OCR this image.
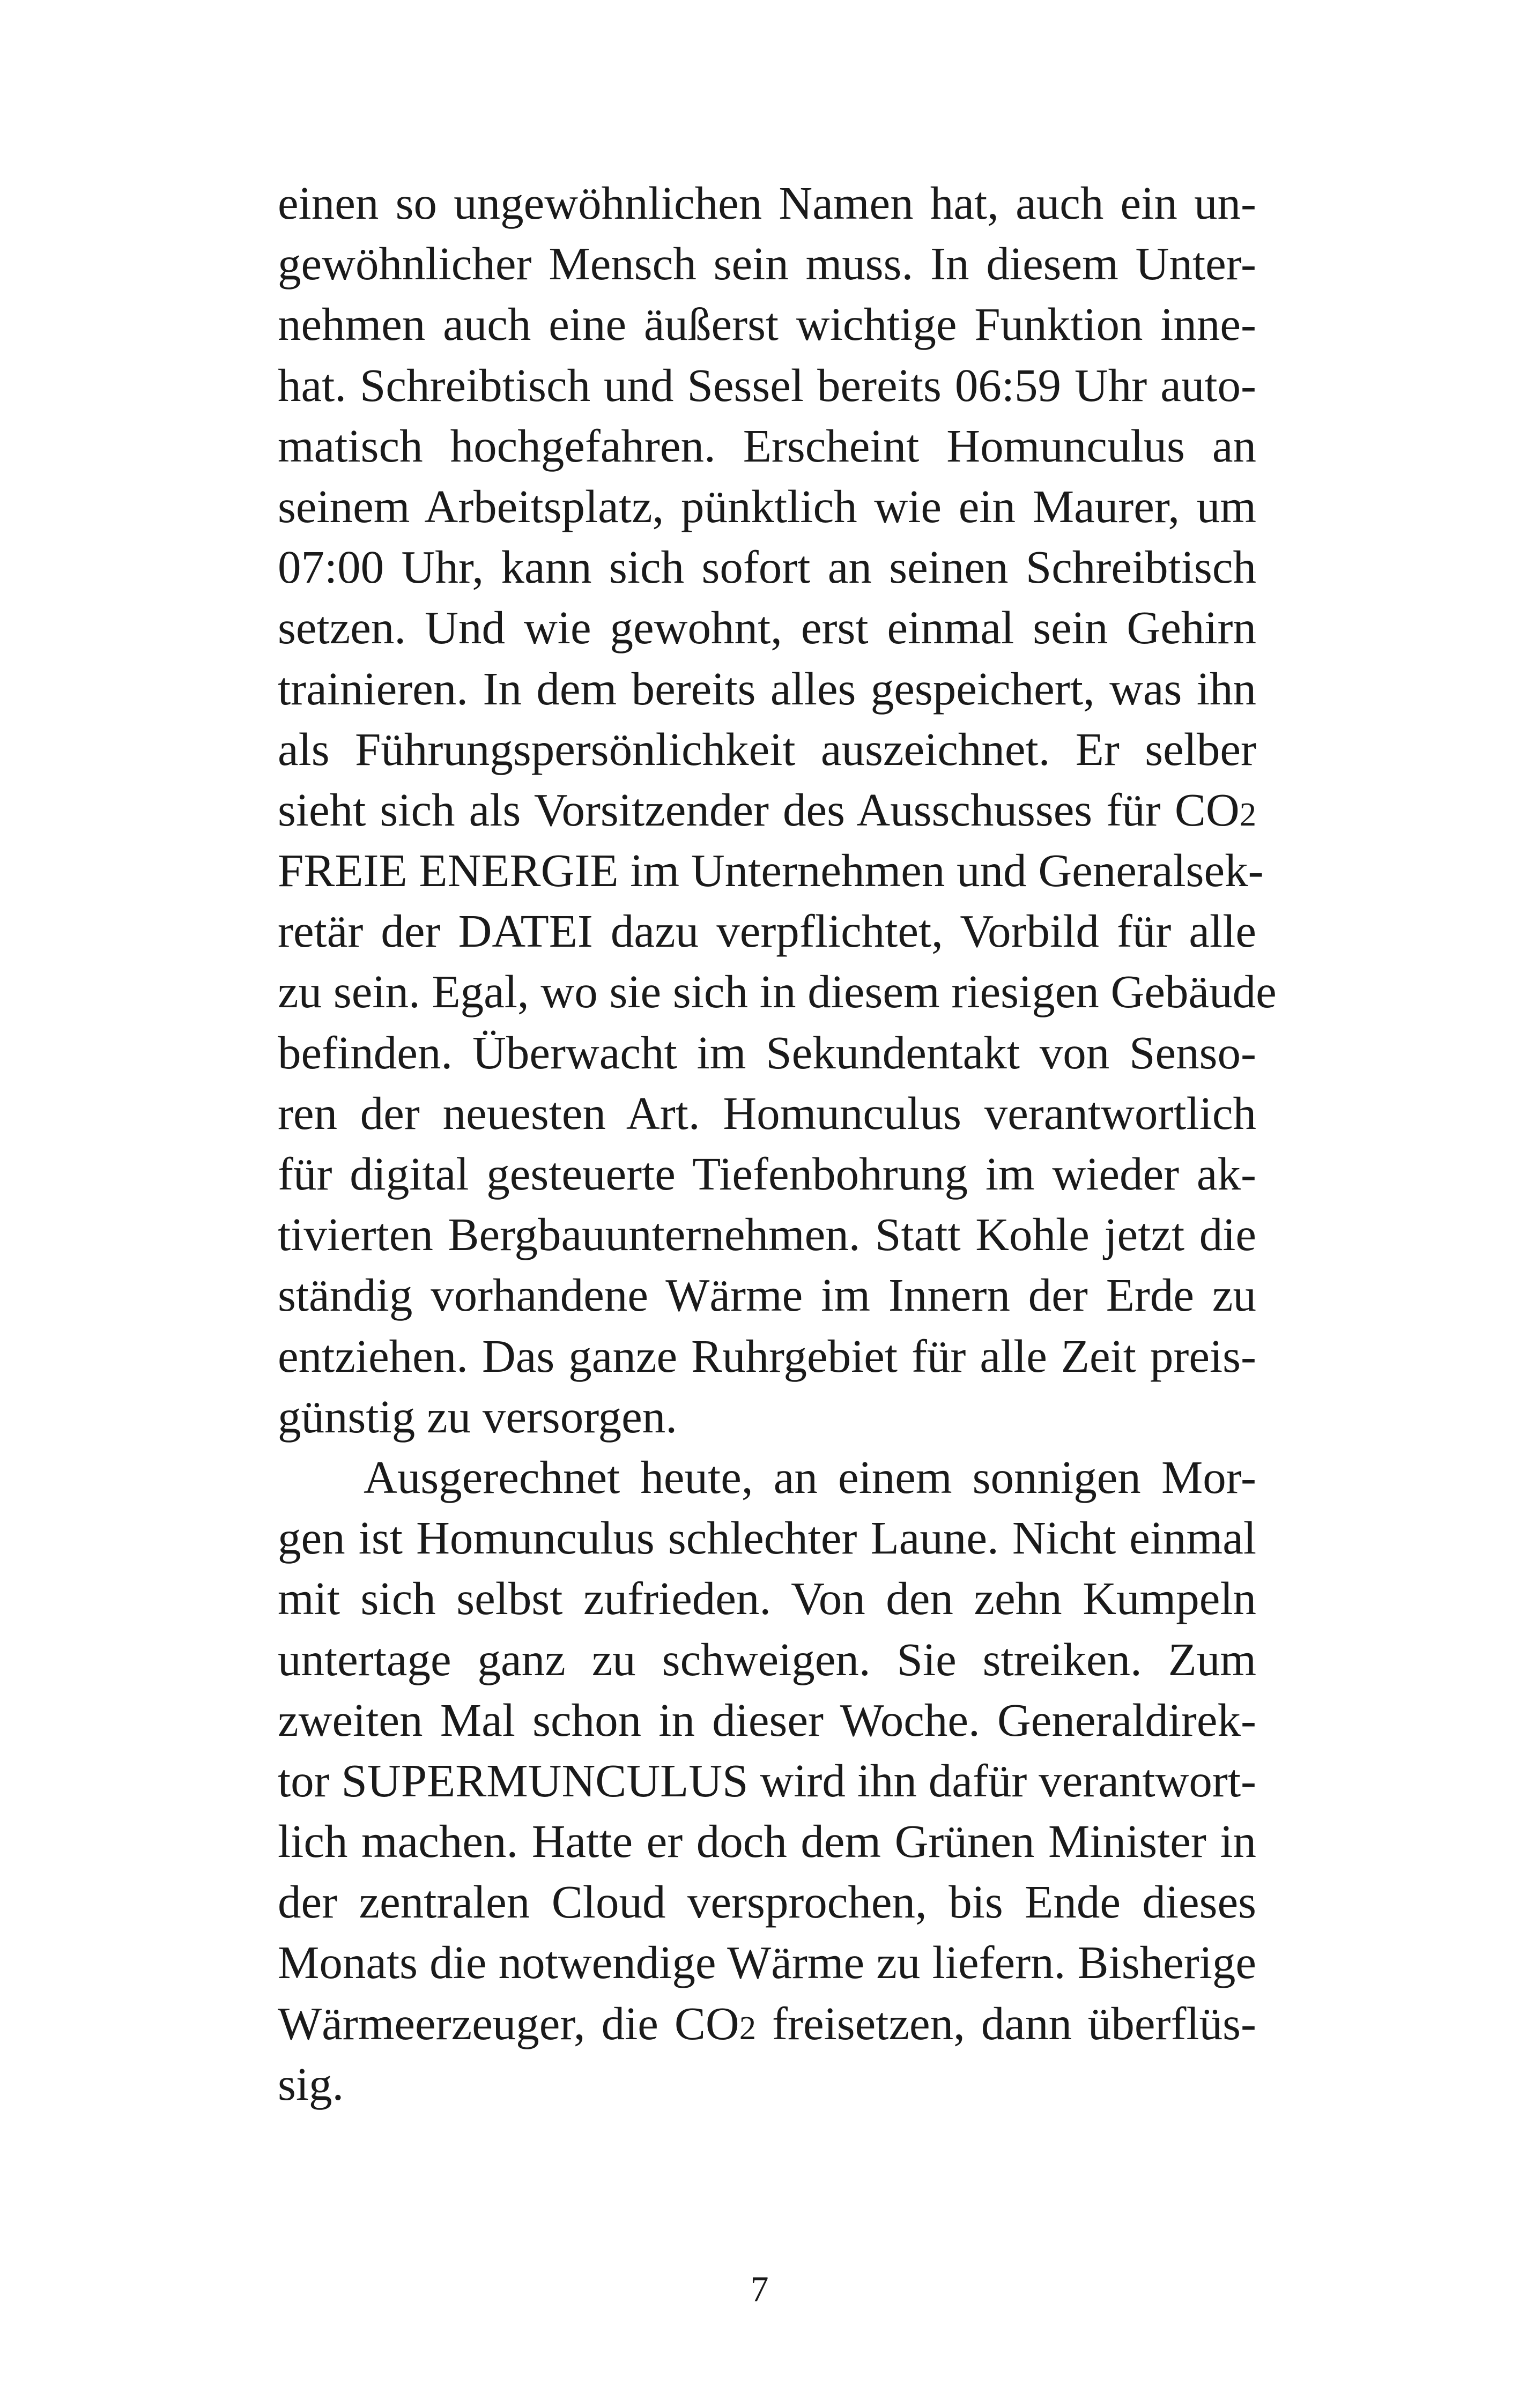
einen so ungewöhnlichen Namen hat, auch ein un-
gewöhnlicher Mensch sein muss. In diesem Unter-
nehmen auch eine äußerst wichtige Funktion inne-
hat. Schreibtisch und Sessel bereits 06:59 Uhr auto-
matisch hochgefahren. Erscheint Homunculus an
seinem Arbeitsplatz, pünktlich wie ein Maurer, um
07:00 Uhr, kann sich sofort an seinen Schreibtisch
setzen. Und wie gewohnt, erst einmal sein Gehirn
trainieren. In dem bereits alles gespeichert, was ihn
als Führungspersönlichkeit auszeichnet. Er selber
sieht sich als Vorsitzender des Ausschusses für CO2
FREIE ENERGIE im Unternehmen und Generalsek-
retär der DATEI dazu verpflichtet, Vorbild für alle
zu sein. Egal, wo sie sich in diesem riesigen Gebäude
befinden. Überwacht im Sekundentakt von Senso-
ren der neuesten Art. Homunculus verantwortlich
für digital gesteuerte Tiefenbohrung im wieder ak-
tivierten Bergbauunternehmen. Statt Kohle jetzt die
ständig vorhandene Wärme im Innern der Erde zu
entziehen. Das ganze Ruhrgebiet für alle Zeit preis-
günstig zu versorgen.
Ausgerechnet heute, an einem sonnigen Mor-
gen ist Homunculus schlechter Laune. Nicht einmal
mit sich selbst zufrieden. Von den zehn Kumpeln
untertage ganz zu schweigen. Sie streiken. Zum
zweiten Mal schon in dieser Woche. Generaldirek-
tor SUPERMUNCULUS wird ihn dafür verantwort-
lich machen. Hatte er doch dem Grünen Minister in
der zentralen Cloud versprochen, bis Ende dieses
Monats die notwendige Wärme zu liefern. Bisherige
Wärmeerzeuger, die CO2 freisetzen, dann überflüs-
sig.
7
